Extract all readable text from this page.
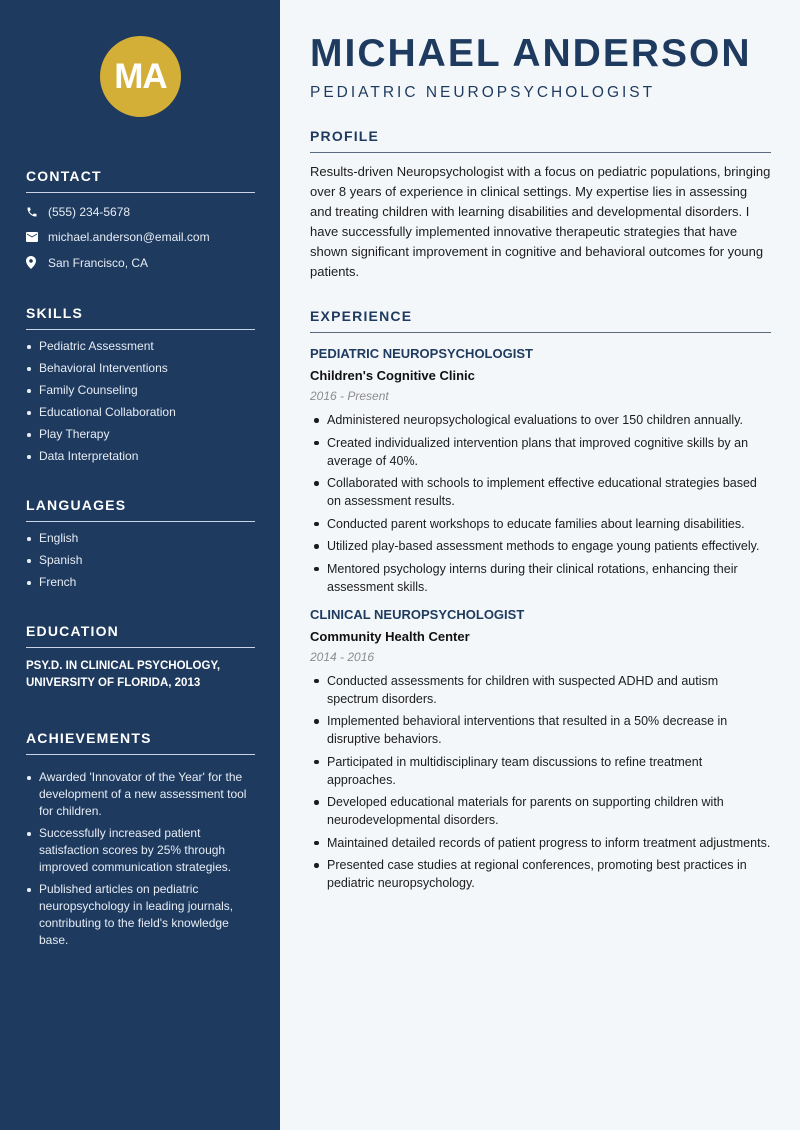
MA
CONTACT
(555) 234-5678
michael.anderson@email.com
San Francisco, CA
SKILLS
Pediatric Assessment
Behavioral Interventions
Family Counseling
Educational Collaboration
Play Therapy
Data Interpretation
LANGUAGES
English
Spanish
French
EDUCATION
PSY.D. IN CLINICAL PSYCHOLOGY,
UNIVERSITY OF FLORIDA, 2013
ACHIEVEMENTS
Awarded 'Innovator of the Year' for the development of a new assessment tool for children.
Successfully increased patient satisfaction scores by 25% through improved communication strategies.
Published articles on pediatric neuropsychology in leading journals, contributing to the field's knowledge base.
MICHAEL ANDERSON
PEDIATRIC NEUROPSYCHOLOGIST
PROFILE

Results-driven Neuropsychologist with a focus on pediatric populations, bringing over 8 years of experience in clinical settings. My expertise lies in assessing and treating children with learning disabilities and developmental disorders. I have successfully implemented innovative therapeutic strategies that have shown significant improvement in cognitive and behavioral outcomes for young patients.

EXPERIENCE
PEDIATRIC NEUROPSYCHOLOGIST
Children's Cognitive Clinic
2016 - Present
Administered neuropsychological evaluations to over 150 children annually.
Created individualized intervention plans that improved cognitive skills by an average of 40%.
Collaborated with schools to implement effective educational strategies based on assessment results.
Conducted parent workshops to educate families about learning disabilities.
Utilized play-based assessment methods to engage young patients effectively.
Mentored psychology interns during their clinical rotations, enhancing their assessment skills.
CLINICAL NEUROPSYCHOLOGIST
Community Health Center
2014 - 2016
Conducted assessments for children with suspected ADHD and autism spectrum disorders.
Implemented behavioral interventions that resulted in a 50% decrease in disruptive behaviors.
Participated in multidisciplinary team discussions to refine treatment approaches.
Developed educational materials for parents on supporting children with neurodevelopmental disorders.
Maintained detailed records of patient progress to inform treatment adjustments.
Presented case studies at regional conferences, promoting best practices in pediatric neuropsychology.
